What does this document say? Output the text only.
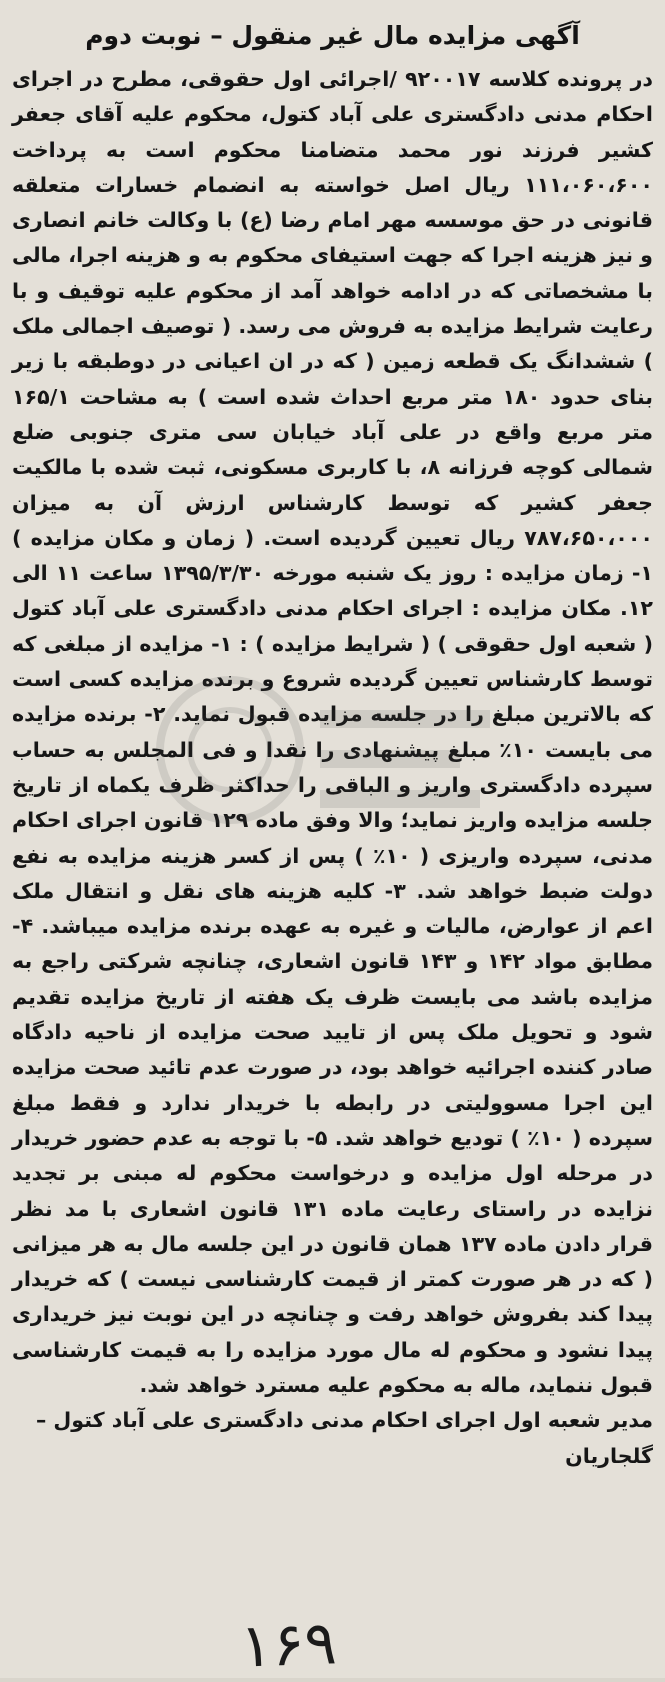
آگهی مزایده مال غیر منقول – نوبت دوم

در پرونده کلاسه ۹۲۰۰۱۷ /اجرائی اول حقوقی، مطرح در اجرای احکام مدنی دادگستری علی آباد کتول، محکوم علیه آقای جعفر کشیر فرزند نور محمد متضامنا محکوم است به پرداخت ۱۱۱،۰۶۰،۶۰۰ ریال اصل خواسته به انضمام خسارات متعلقه قانونی در حق موسسه مهر امام رضا (ع) با وکالت خانم انصاری و نیز هزینه اجرا که جهت استیفای محکوم به و هزینه اجرا، مالی با مشخصاتی که در ادامه خواهد آمد از محکوم علیه توقیف و با رعایت شرایط مزایده به فروش می رسد. ( توصیف اجمالی ملک ) ششدانگ یک قطعه زمین ( که در ان اعیانی در دوطبقه با زیر بنای حدود ۱۸۰ متر مربع احداث شده است ) به مشاحت ۱۶۵/۱ متر مربع واقع در علی آباد خیابان سی متری جنوبی ضلع شمالی کوچه فرزانه ۸، با کاربری مسکونی، ثبت شده با مالکیت جعفر کشیر که توسط کارشناس ارزش آن به میزان ۷۸۷،۶۵۰،۰۰۰ ریال تعیین گردیده است. ( زمان و مکان مزایده ) ۱- زمان مزایده : روز یک شنبه مورخه ۱۳۹۵/۳/۳۰ ساعت ۱۱ الی ۱۲. مکان مزایده : اجرای احکام مدنی دادگستری علی آباد کتول ( شعبه اول حقوقی ) ( شرایط مزایده ) : ۱- مزایده از مبلغی که توسط کارشناس تعیین گردیده شروع و برنده مزایده کسی است که بالاترین مبلغ را در جلسه مزایده قبول نماید. ۲- برنده مزایده می بایست ۱۰٪ مبلغ پیشنهادی را نقدا و فی المجلس به حساب سپرده دادگستری واریز و الباقی را حداکثر ظرف یکماه از تاریخ جلسه مزایده واریز نماید؛ والا وفق ماده ۱۲۹ قانون اجرای احکام مدنی، سپرده واریزی ( ۱۰٪ ) پس از کسر هزینه مزایده به نفع دولت ضبط خواهد شد. ۳- کلیه هزینه های نقل و انتقال ملک اعم از عوارض، مالیات و غیره به عهده برنده مزایده میباشد. ۴- مطابق مواد ۱۴۲ و ۱۴۳ قانون اشعاری، چنانچه شرکتی راجع به مزایده باشد می بایست ظرف یک هفته از تاریخ مزایده تقدیم شود و تحویل ملک پس از تایید صحت مزایده از ناحیه دادگاه صادر کننده اجرائیه خواهد بود، در صورت عدم تائید صحت مزایده این اجرا مسوولیتی در رابطه با خریدار ندارد و فقط مبلغ سپرده ( ۱۰٪ ) تودیع خواهد شد. ۵- با توجه به عدم حضور خریدار در مرحله اول مزایده و درخواست محکوم له مبنی بر تجدید نزایده در راستای رعایت ماده ۱۳۱ قانون اشعاری با مد نظر قرار دادن ماده ۱۳۷ همان قانون در این جلسه مال به هر میزانی ( که در هر صورت کمتر از قیمت کارشناسی نیست ) که خریدار پیدا کند بفروش خواهد رفت و چنانچه در این نوبت نیز خریداری پیدا نشود و محکوم له مال مورد مزایده را به قیمت کارشناسی قبول ننماید، ماله به محکوم علیه مسترد خواهد شد.

مدیر شعبه اول اجرای احکام مدنی دادگستری علی آباد کتول – گلجاریان

۱۶۹
